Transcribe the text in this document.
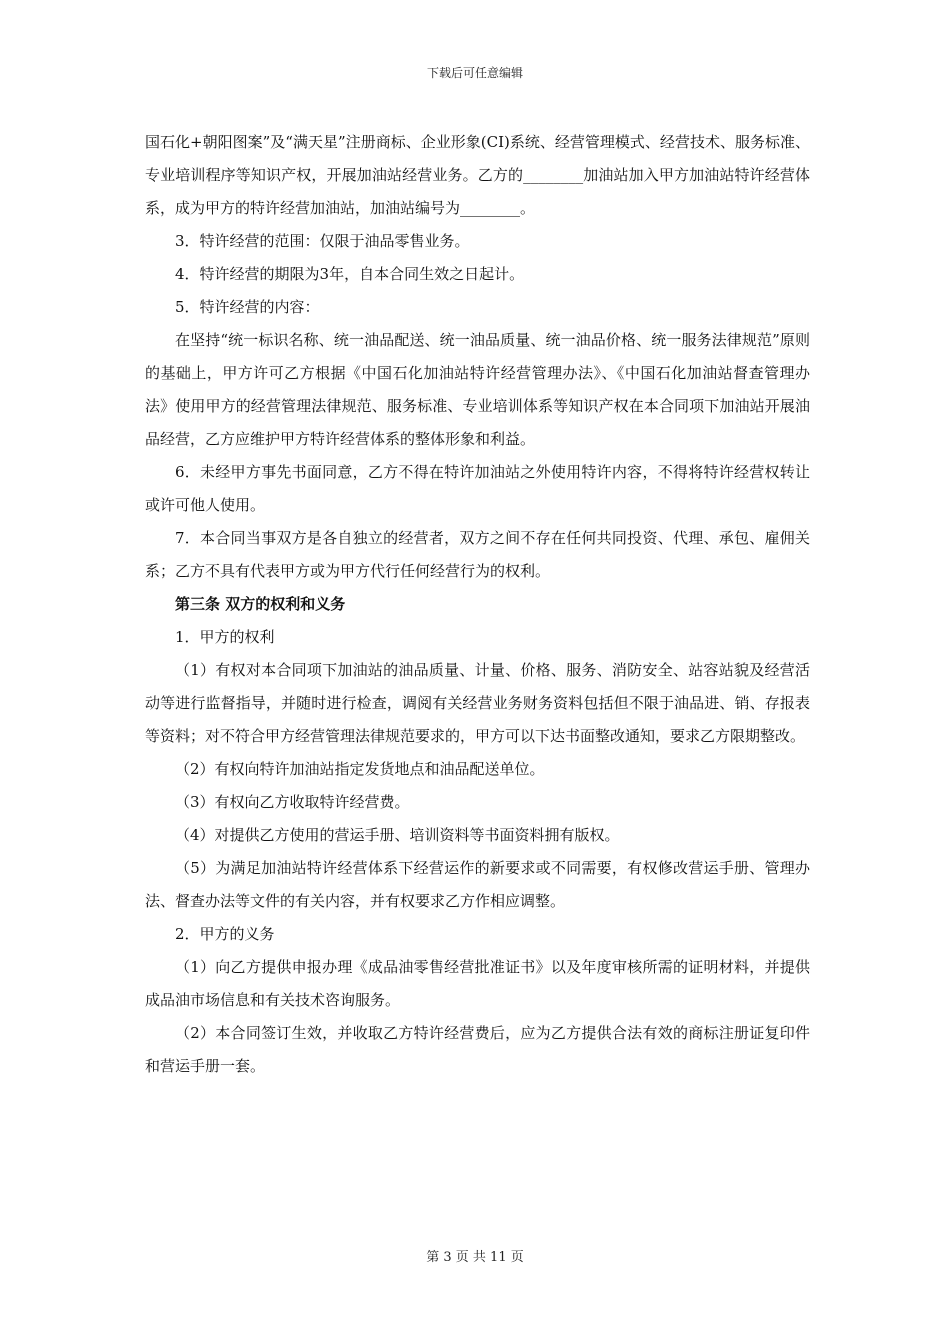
下载后可任意编辑

国石化+朝阳图案”及“满天星”注册商标、企业形象(CI)系统、经营管理模式、经营技术、服务标准、专业培训程序等知识产权，开展加油站经营业务。乙方的________加油站加入甲方加油站特许经营体系，成为甲方的特许经营加油站，加油站编号为________。

3．特许经营的范围：仅限于油品零售业务。

4．特许经营的期限为3年，自本合同生效之日起计。

5．特许经营的内容：

在坚持“统一标识名称、统一油品配送、统一油品质量、统一油品价格、统一服务法律规范”原则的基础上，甲方许可乙方根据《中国石化加油站特许经营管理办法》、《中国石化加油站督查管理办法》使用甲方的经营管理法律规范、服务标准、专业培训体系等知识产权在本合同项下加油站开展油品经营，乙方应维护甲方特许经营体系的整体形象和利益。

6．未经甲方事先书面同意，乙方不得在特许加油站之外使用特许内容，不得将特许经营权转让或许可他人使用。

7．本合同当事双方是各自独立的经营者，双方之间不存在任何共同投资、代理、承包、雇佣关系；乙方不具有代表甲方或为甲方代行任何经营行为的权利。

第三条 双方的权利和义务

1．甲方的权利

（1）有权对本合同项下加油站的油品质量、计量、价格、服务、消防安全、站容站貌及经营活动等进行监督指导，并随时进行检查，调阅有关经营业务财务资料包括但不限于油品进、销、存报表等资料；对不符合甲方经营管理法律规范要求的，甲方可以下达书面整改通知，要求乙方限期整改。

（2）有权向特许加油站指定发货地点和油品配送单位。

（3）有权向乙方收取特许经营费。

（4）对提供乙方使用的营运手册、培训资料等书面资料拥有版权。

（5）为满足加油站特许经营体系下经营运作的新要求或不同需要，有权修改营运手册、管理办法、督查办法等文件的有关内容，并有权要求乙方作相应调整。

2．甲方的义务

（1）向乙方提供申报办理《成品油零售经营批准证书》以及年度审核所需的证明材料，并提供成品油市场信息和有关技术咨询服务。

（2）本合同签订生效，并收取乙方特许经营费后，应为乙方提供合法有效的商标注册证复印件和营运手册一套。

第 3 页 共 11 页
